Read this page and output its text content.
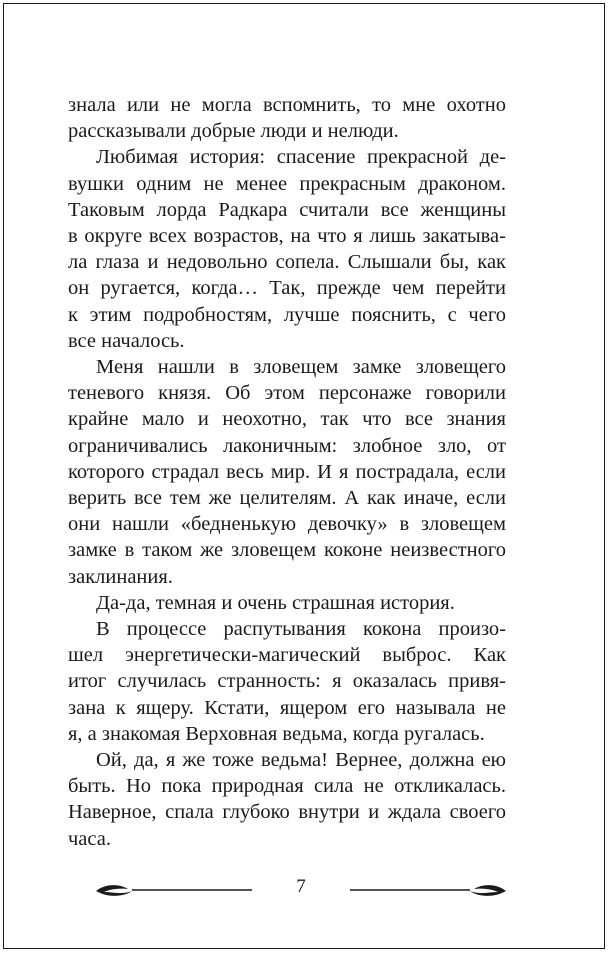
знала или не могла вспомнить, то мне охотно
рассказывали добрые люди и нелюди.
Любимая история: спасение прекрасной де-
вушки одним не менее прекрасным драконом.
Таковым лорда Радкара считали все женщины
в округе всех возрастов, на что я лишь закатыва-
ла глаза и недовольно сопела. Слышали бы, как
он ругается, когда… Так, прежде чем перейти
к этим подробностям, лучше пояснить, с чего
все началось.
Меня нашли в зловещем замке зловещего
теневого князя. Об этом персонаже говорили
крайне мало и неохотно, так что все знания
ограничивались лаконичным: злобное зло, от
которого страдал весь мир. И я пострадала, если
верить все тем же целителям. А как иначе, если
они нашли «бедненькую девочку» в зловещем
замке в таком же зловещем коконе неизвестного
заклинания.
Да-да, темная и очень страшная история.
В процессе распутывания кокона произо-
шел энергетически-магический выброс. Как
итог случилась странность: я оказалась привя-
зана к ящеру. Кстати, ящером его называла не
я, а знакомая Верховная ведьма, когда ругалась.
Ой, да, я же тоже ведьма! Вернее, должна ею
быть. Но пока природная сила не откликалась.
Наверное, спала глубоко внутри и ждала своего
часа.
7
